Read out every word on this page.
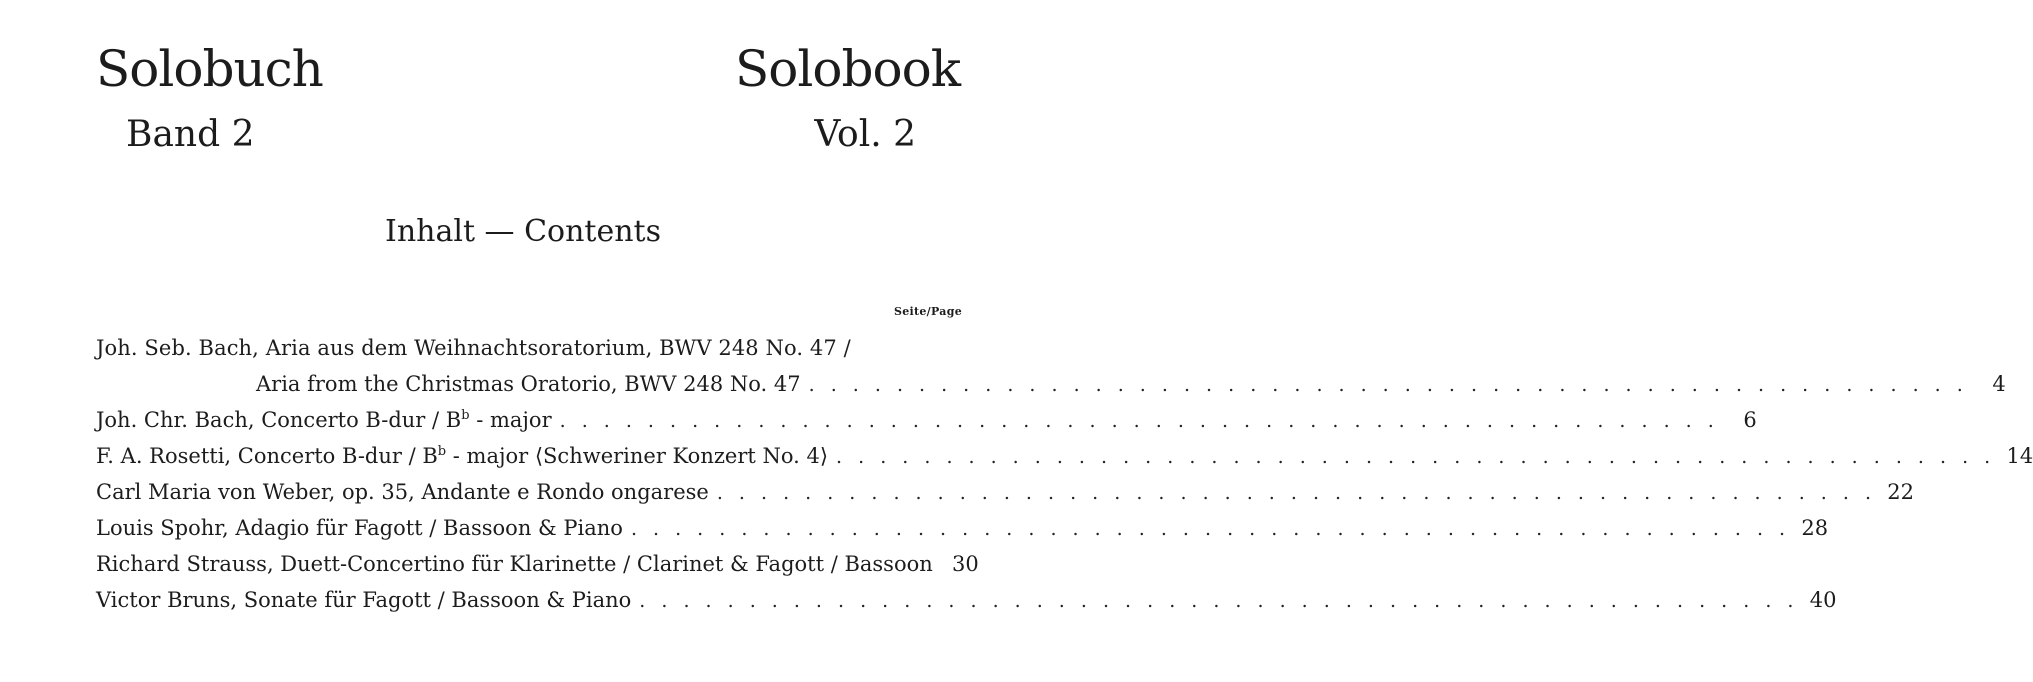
Solobuch
Band 2
Solobook
Vol. 2
Inhalt — Contents
Seite/Page
Joh. Seb. Bach, Aria aus dem Weihnachtsoratorium, BWV 248 No. 47 /
Aria from the Christmas Oratorio, BWV 248 No. 47 . . . . . . . . . . . . . . . . . . . . . . . . . . . . . . . . . . . . . . . . . . . . . . . . . . . . .	4
Joh. Chr. Bach, Concerto $B-dur / B^b$ - major . . . . . . . . . . . . . . . . . . . . . . . . . . . . . . . . . . . . . . . . . . . . . . . . . . . . .	6
F. A. Rosetti, Concerto $B-dur / B^b$ - major ⟨Schweriner Konzert No. 4⟩ . . . . . . . . . . . . . . . . . . . . . . . . . . . . . . . . . . . . . . . . . . . . . . . . . . . . . 14
Carl Maria von Weber, op. 35, Andante e Rondo ongarese . . . . . . . . . . . . . . . . . . . . . . . . . . . . . . . . . . . . . . . . . . . . . . . . . . . . . 22
Louis Spohr, Adagio für Fagott / Bassoon & Piano . . . . . . . . . . . . . . . . . . . . . . . . . . . . . . . . . . . . . . . . . . . . . . . . . . . . . 28
Richard Strauss, Duett-Concertino für Klarinette / Clarinet & Fagott / Bassoon 30
Victor Bruns, Sonate für Fagott / Bassoon & Piano . . . . . . . . . . . . . . . . . . . . . . . . . . . . . . . . . . . . . . . . . . . . . . . . . . . . . 40
